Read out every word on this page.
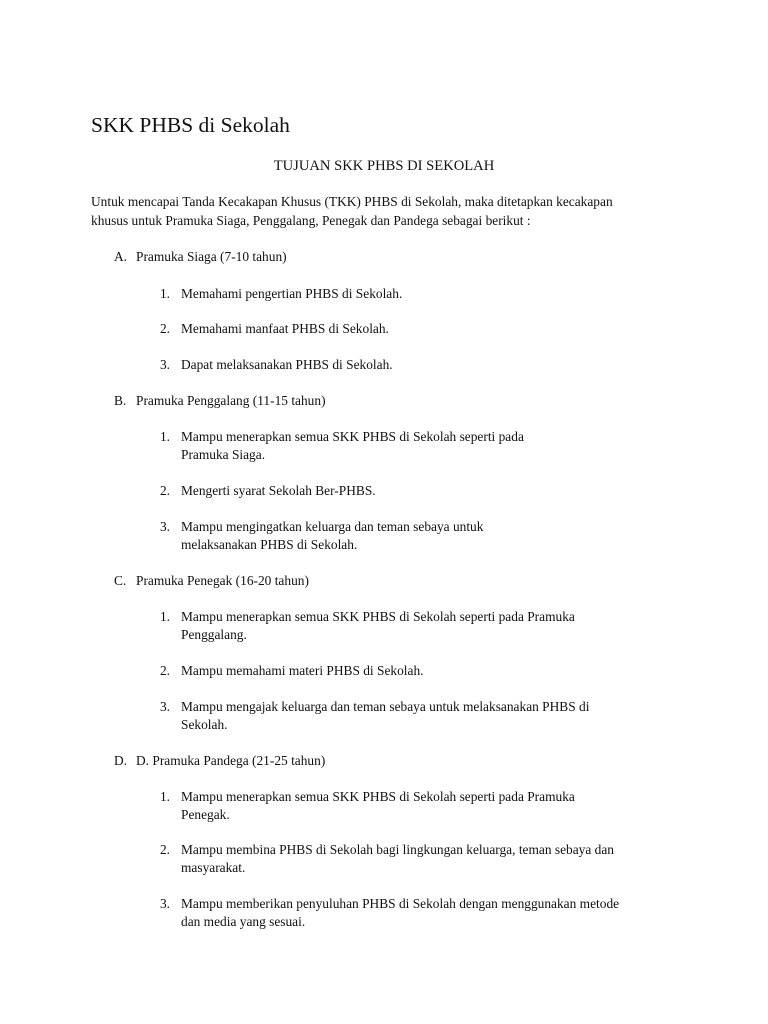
SKK PHBS di Sekolah
TUJUAN SKK PHBS DI SEKOLAH
Untuk mencapai Tanda Kecakapan Khusus (TKK) PHBS di Sekolah, maka ditetapkan kecakapan
khusus untuk Pramuka Siaga, Penggalang, Penegak dan Pandega sebagai berikut :
A. Pramuka Siaga (7-10 tahun)
1. Memahami pengertian PHBS di Sekolah.
2. Memahami manfaat PHBS di Sekolah.
3. Dapat melaksanakan PHBS di Sekolah.
B. Pramuka Penggalang (11-15 tahun)
1. Mampu menerapkan semua SKK PHBS di Sekolah seperti pada
Pramuka Siaga.
2. Mengerti syarat Sekolah Ber-PHBS.
3. Mampu mengingatkan keluarga dan teman sebaya untuk
melaksanakan PHBS di Sekolah.
C. Pramuka Penegak (16-20 tahun)
1. Mampu menerapkan semua SKK PHBS di Sekolah seperti pada Pramuka
Penggalang.
2. Mampu memahami materi PHBS di Sekolah.
3. Mampu mengajak keluarga dan teman sebaya untuk melaksanakan PHBS di
Sekolah.
D. D. Pramuka Pandega (21-25 tahun)
1. Mampu menerapkan semua SKK PHBS di Sekolah seperti pada Pramuka
Penegak.
2. Mampu membina PHBS di Sekolah bagi lingkungan keluarga, teman sebaya dan
masyarakat.
3. Mampu memberikan penyuluhan PHBS di Sekolah dengan menggunakan metode
dan media yang sesuai.
